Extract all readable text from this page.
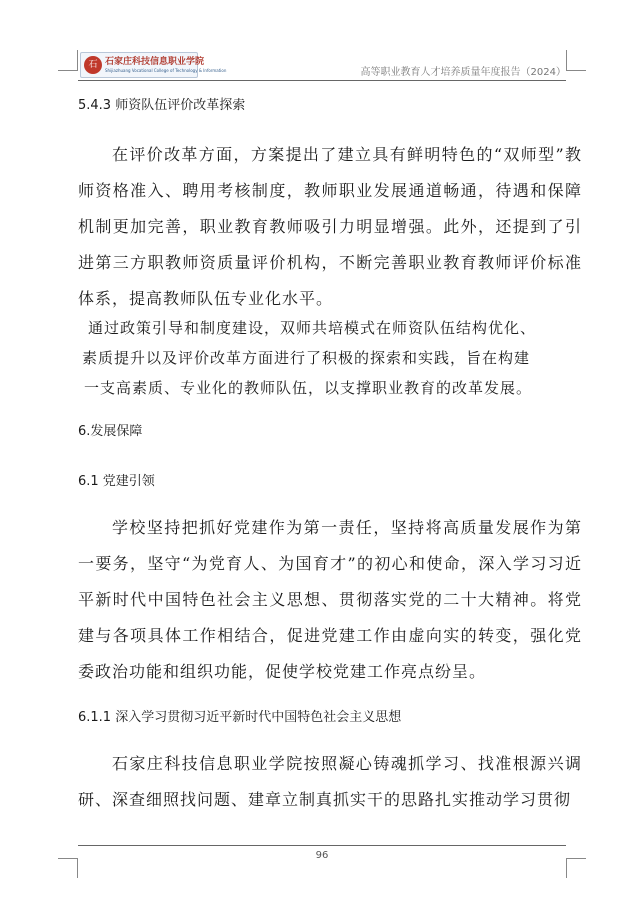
石 石家庄科技信息职业学院
Shijiazhuang Vocational College of Technology & Information	高等职业教育人才培养质量年度报告（2024）
5.4.3 师资队伍评价改革探索

在评价改革方面，方案提出了建立具有鲜明特色的“双师型”教师资格准入、聘用考核制度，教师职业发展通道畅通，待遇和保障机制更加完善，职业教育教师吸引力明显增强。此外，还提到了引进第三方职教师资质量评价机构，不断完善职业教育教师评价标准体系，提高教师队伍专业化水平。

通过政策引导和制度建设，双师共培模式在师资队伍结构优化、
素质提升以及评价改革方面进行了积极的探索和实践，旨在构建
一支高素质、专业化的教师队伍，以支撑职业教育的改革发展。
6.发展保障
6.1 党建引领

学校坚持把抓好党建作为第一责任，坚持将高质量发展作为第一要务，坚守“为党育人、为国育才”的初心和使命，深入学习习近平新时代中国特色社会主义思想、贯彻落实党的二十大精神。将党建与各项具体工作相结合，促进党建工作由虚向实的转变，强化党委政治功能和组织功能，促使学校党建工作亮点纷呈。

6.1.1 深入学习贯彻习近平新时代中国特色社会主义思想

石家庄科技信息职业学院按照凝心铸魂抓学习、找准根源兴调研、深查细照找问题、建章立制真抓实干的思路扎实推动学习贯彻

96
